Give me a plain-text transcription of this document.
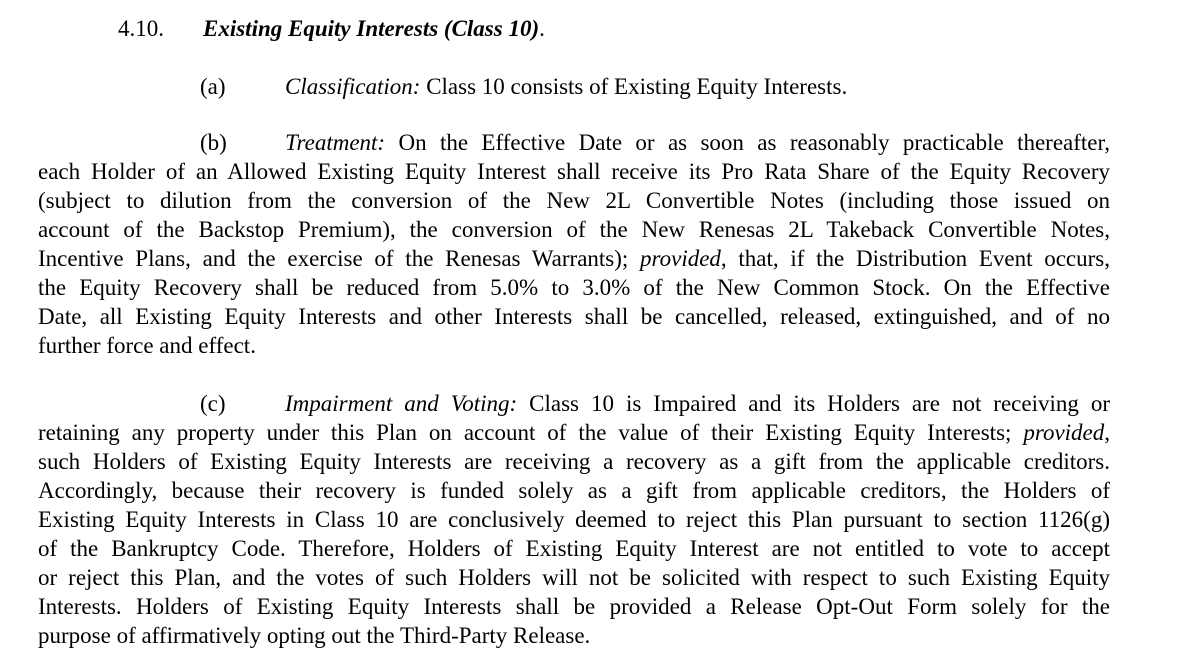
4.10. Existing Equity Interests (Class 10).
(a)	Classification: Class 10 consists of Existing Equity Interests.
(b)	Treatment: On the Effective Date or as soon as reasonably practicable thereafter,
each Holder of an Allowed Existing Equity Interest shall receive its Pro Rata Share of the Equity Recovery
(subject to dilution from the conversion of the New 2L Convertible Notes (including those issued on
account of the Backstop Premium), the conversion of the New Renesas 2L Takeback Convertible Notes,
Incentive Plans, and the exercise of the Renesas Warrants); provided, that, if the Distribution Event occurs,
the Equity Recovery shall be reduced from 5.0% to 3.0% of the New Common Stock. On the Effective
Date, all Existing Equity Interests and other Interests shall be cancelled, released, extinguished, and of no
further force and effect.
(c)	Impairment and Voting: Class 10 is Impaired and its Holders are not receiving or
retaining any property under this Plan on account of the value of their Existing Equity Interests; provided,
such Holders of Existing Equity Interests are receiving a recovery as a gift from the applicable creditors.
Accordingly, because their recovery is funded solely as a gift from applicable creditors, the Holders of
Existing Equity Interests in Class 10 are conclusively deemed to reject this Plan pursuant to section 1126(g)
of the Bankruptcy Code. Therefore, Holders of Existing Equity Interest are not entitled to vote to accept
or reject this Plan, and the votes of such Holders will not be solicited with respect to such Existing Equity
Interests. Holders of Existing Equity Interests shall be provided a Release Opt-Out Form solely for the
purpose of affirmatively opting out the Third-Party Release.
